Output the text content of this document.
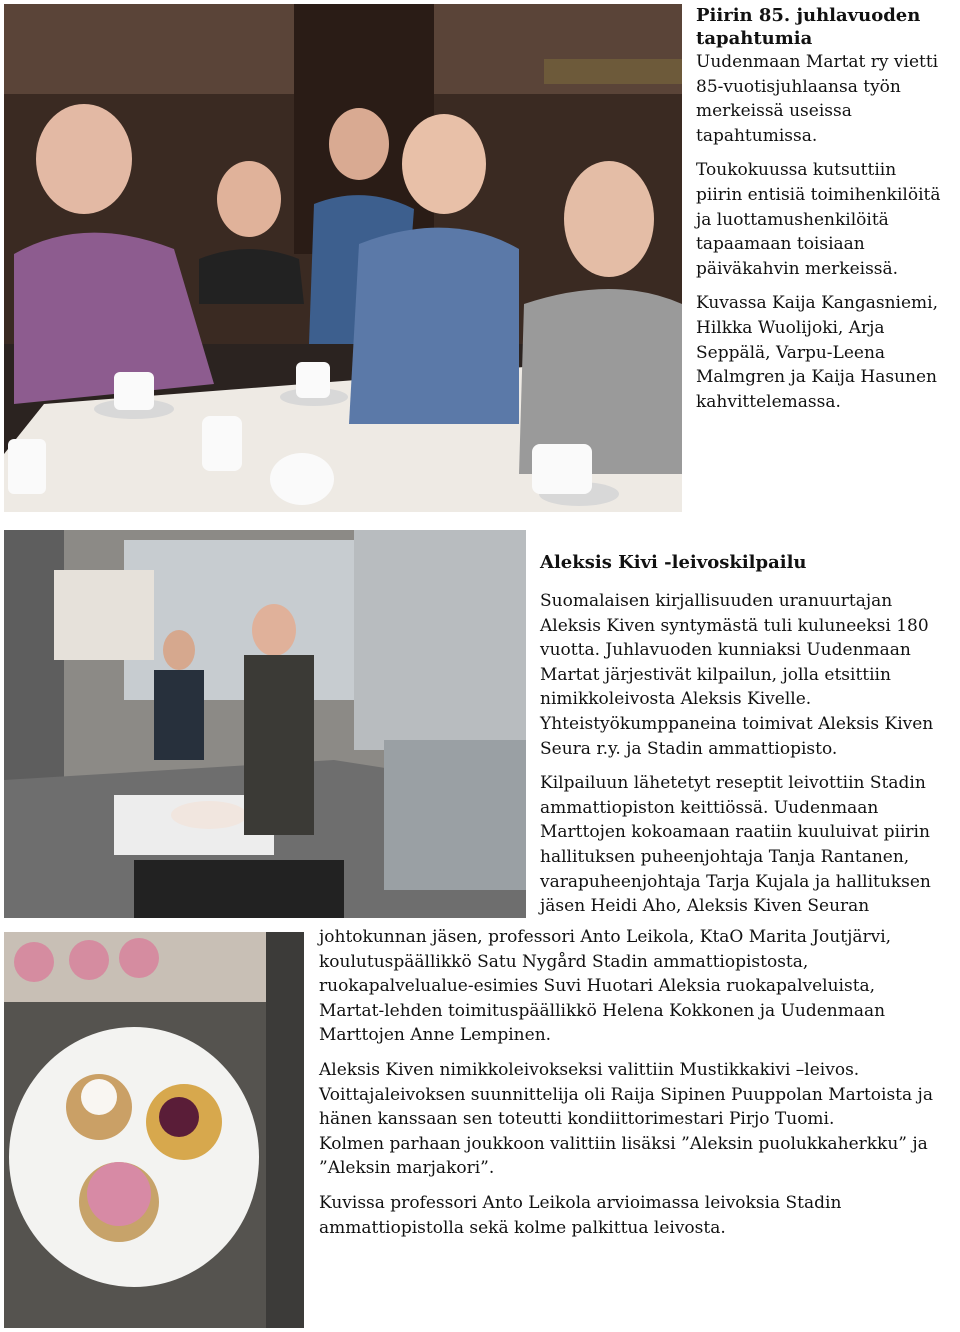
Piirin 85. juhlavuoden
tapahtumia

Uudenmaan Martat ry vietti
85-vuotisjuhlaansa työn
merkeissä useissa
tapahtumissa.

Toukokuussa kutsuttiin
piirin entisiä toimihenkilöitä
ja luottamushenkilöitä
tapaamaan toisiaan
päiväkahvin merkeissä.

Kuvassa Kaija Kangasniemi,
Hilkka Wuolijoki, Arja
Seppälä, Varpu-Leena
Malmgren ja Kaija Hasunen
kahvittelemassa.

Aleksis Kivi -leivoskilpailu

Suomalaisen kirjallisuuden uranuurtajan
Aleksis Kiven syntymästä tuli kuluneeksi 180
vuotta. Juhlavuoden kunniaksi Uudenmaan
Martat järjestivät kilpailun, jolla etsittiin
nimikkoleivosta Aleksis Kivelle.
Yhteistyökumppaneina toimivat Aleksis Kiven
Seura r.y. ja Stadin ammattiopisto.

Kilpailuun lähetetyt reseptit leivottiin Stadin
ammattiopiston keittiössä. Uudenmaan
Marttojen kokoamaan raatiin kuuluivat piirin
hallituksen puheenjohtaja Tanja Rantanen,
varapuheenjohtaja Tarja Kujala ja hallituksen
jäsen Heidi Aho, Aleksis Kiven Seuran

johtokunnan jäsen, professori Anto Leikola, KtaO Marita Joutjärvi,
koulutuspäällikkö Satu Nygård Stadin ammattiopistosta,
ruokapalvelualue-esimies Suvi Huotari Aleksia ruokapalveluista,
Martat-lehden toimituspäällikkö Helena Kokkonen ja Uudenmaan
Marttojen Anne Lempinen.

Aleksis Kiven nimikkoleivokseksi valittiin Mustikkakivi –leivos.
Voittajaleivoksen suunnittelija oli Raija Sipinen Puuppolan Martoista ja
hänen kanssaan sen toteutti kondiittorimestari Pirjo Tuomi.
Kolmen parhaan joukkoon valittiin lisäksi ”Aleksin puolukkaherkku” ja
”Aleksin marjakori”.

Kuvissa professori Anto Leikola arvioimassa leivoksia Stadin
ammattiopistolla sekä kolme palkittua leivosta.
